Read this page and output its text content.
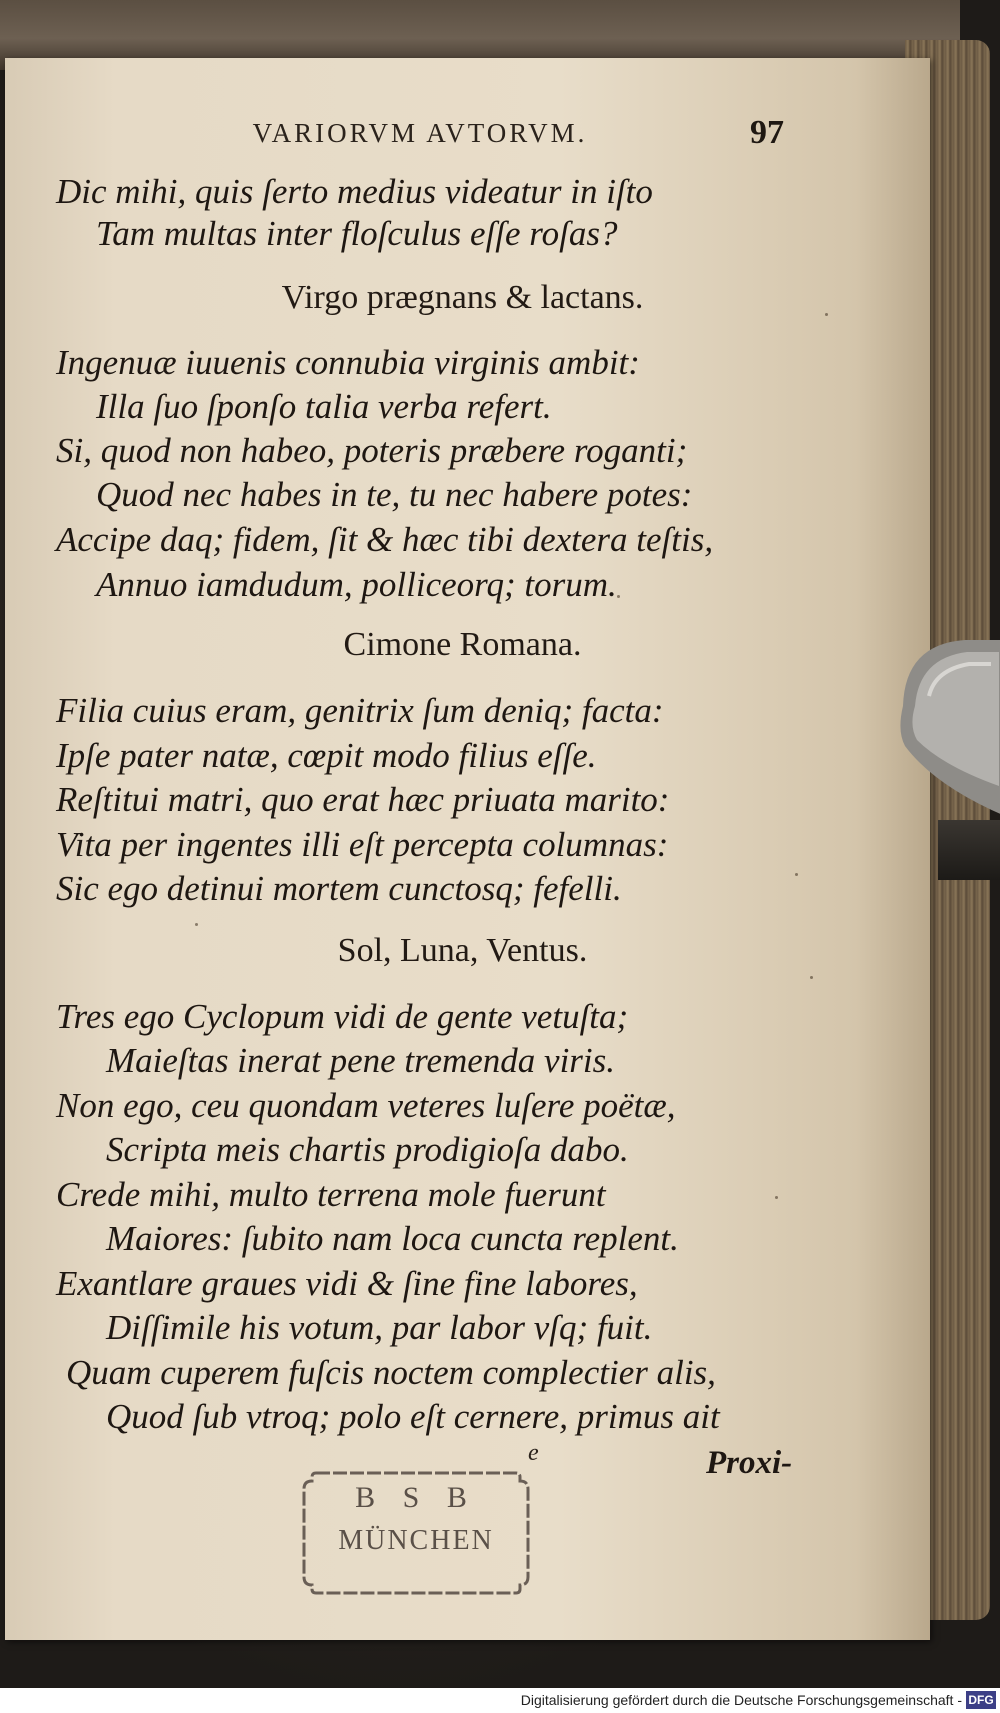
VARIORVM AVTORVM.	97
Dic mihi, quis ſerto medius videatur in iſto
Tam multas inter floſculus eſſe roſas?
Virgo prægnans & lactans.
Ingenuæ iuuenis connubia virginis ambit:
Illa ſuo ſponſo talia verba refert.
Si, quod non habeo, poteris præbere roganti;
Quod nec habes in te, tu nec habere potes:
Accipe daq; fidem, ſit & hæc tibi dextera teſtis,
Annuo iamdudum, polliceorq; torum.
Cimone Romana.
Filia cuius eram, genitrix ſum deniq; facta:
Ipſe pater natæ, cœpit modo filius eſſe.
Reſtitui matri, quo erat hæc priuata marito:
Vita per ingentes illi eſt percepta columnas:
Sic ego detinui mortem cunctosq; fefelli.
Sol, Luna, Ventus.
Tres ego Cyclopum vidi de gente vetuſta;
Maieſtas inerat pene tremenda viris.
Non ego, ceu quondam veteres luſere poëtæ,
Scripta meis chartis prodigioſa dabo.
Crede mihi, multo terrena mole fuerunt
Maiores: ſubito nam loca cuncta replent.
Exantlare graues vidi & ſine fine labores,
Diſſimile his votum, par labor vſq; fuit.
Quam cuperem fuſcis noctem complectier alis,
Quod ſub vtroq; polo eſt cernere, primus ait
e	Proxi-
B S B
MÜNCHEN
Digitalisierung gefördert durch die Deutsche Forschungsgemeinschaft - DFG
